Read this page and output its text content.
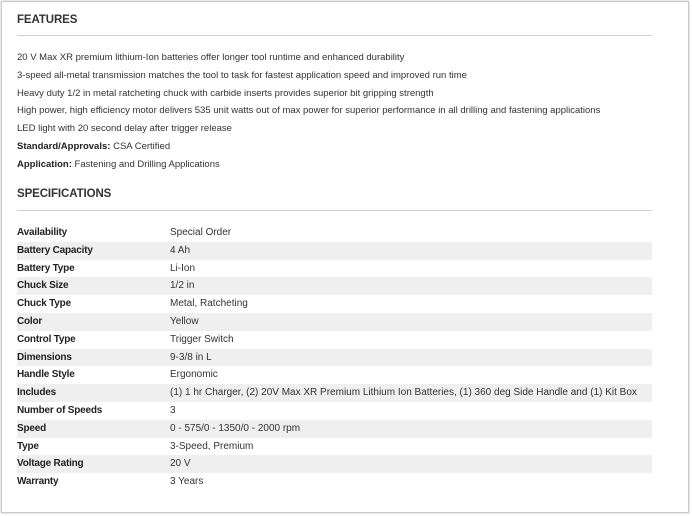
FEATURES
20 V Max XR premium lithium-Ion batteries offer longer tool runtime and enhanced durability
3-speed all-metal transmission matches the tool to task for fastest application speed and improved run time
Heavy duty 1/2 in metal ratcheting chuck with carbide inserts provides superior bit gripping strength
High power, high efficiency motor delivers 535 unit watts out of max power for superior performance in all drilling and fastening applications
LED light with 20 second delay after trigger release
Standard/Approvals: CSA Certified
Application: Fastening and Drilling Applications
SPECIFICATIONS
Availability	Special Order
Battery Capacity	4 Ah
Battery Type	Li-Ion
Chuck Size	1/2 in
Chuck Type	Metal, Ratcheting
Color	Yellow
Control Type	Trigger Switch
Dimensions	9-3/8 in L
Handle Style	Ergonomic
Includes	(1) 1 hr Charger, (2) 20V Max XR Premium Lithium Ion Batteries, (1) 360 deg Side Handle and (1) Kit Box
Number of Speeds	3
Speed	0 - 575/0 - 1350/0 - 2000 rpm
Type	3-Speed, Premium
Voltage Rating	20 V
Warranty	3 Years
